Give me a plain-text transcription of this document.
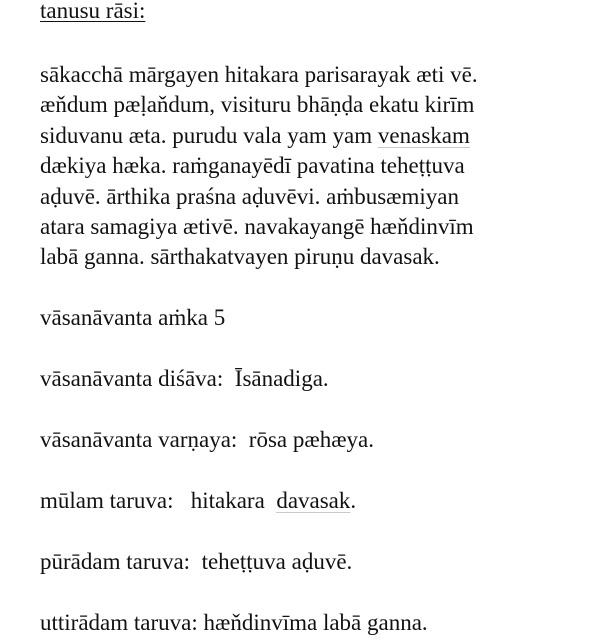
tanusu rāsi:
sākacchā mārgayen hitakara parisarayak æti vē.
æňdum pæḷaňdum, visituru bhāṇḍa ekatu kirīm
siduvanu æta. purudu vala yam yam venaskam
dækiya hæka. raṁganayēdī pavatina teheṭṭuva
aḍuvē. ārthika praśna aḍuvēvi. aṁbusæmiyan
atara samagiya ætivē. navakayangē hæňdinvīm
labā ganna. sārthakatvayen piruṇu davasak.
vāsanāvanta aṁka 5
vāsanāvanta diśāva:  Īsānadiga.
vāsanāvanta varṇaya:  rōsa pæhæya.
mūlam taruva:   hitakara  davasak.
pūrādam taruva:  teheṭṭuva aḍuvē.
uttirādam taruva: hæňdinvīma labā ganna.
